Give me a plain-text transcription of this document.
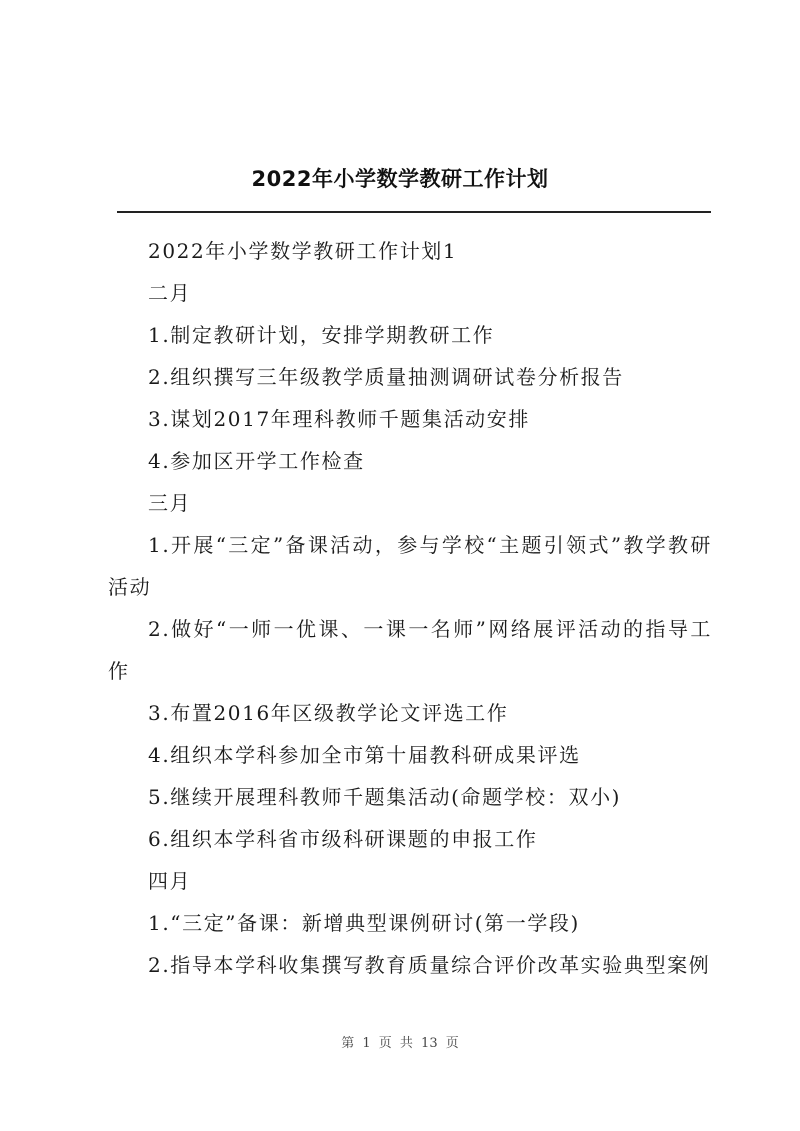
2022年小学数学教研工作计划
2022年小学数学教研工作计划1
二月
1.制定教研计划，安排学期教研工作
2.组织撰写三年级教学质量抽测调研试卷分析报告
3.谋划2017年理科教师千题集活动安排
4.参加区开学工作检查
三月
1.开展“三定”备课活动，参与学校“主题引领式”教学教研活动
2.做好“一师一优课、一课一名师”网络展评活动的指导工作
3.布置2016年区级教学论文评选工作
4.组织本学科参加全市第十届教科研成果评选
5.继续开展理科教师千题集活动(命题学校：双小)
6.组织本学科省市级科研课题的申报工作
四月
1.“三定”备课：新增典型课例研讨(第一学段)
2.指导本学科收集撰写教育质量综合评价改革实验典型案例
第 1 页 共 13 页
